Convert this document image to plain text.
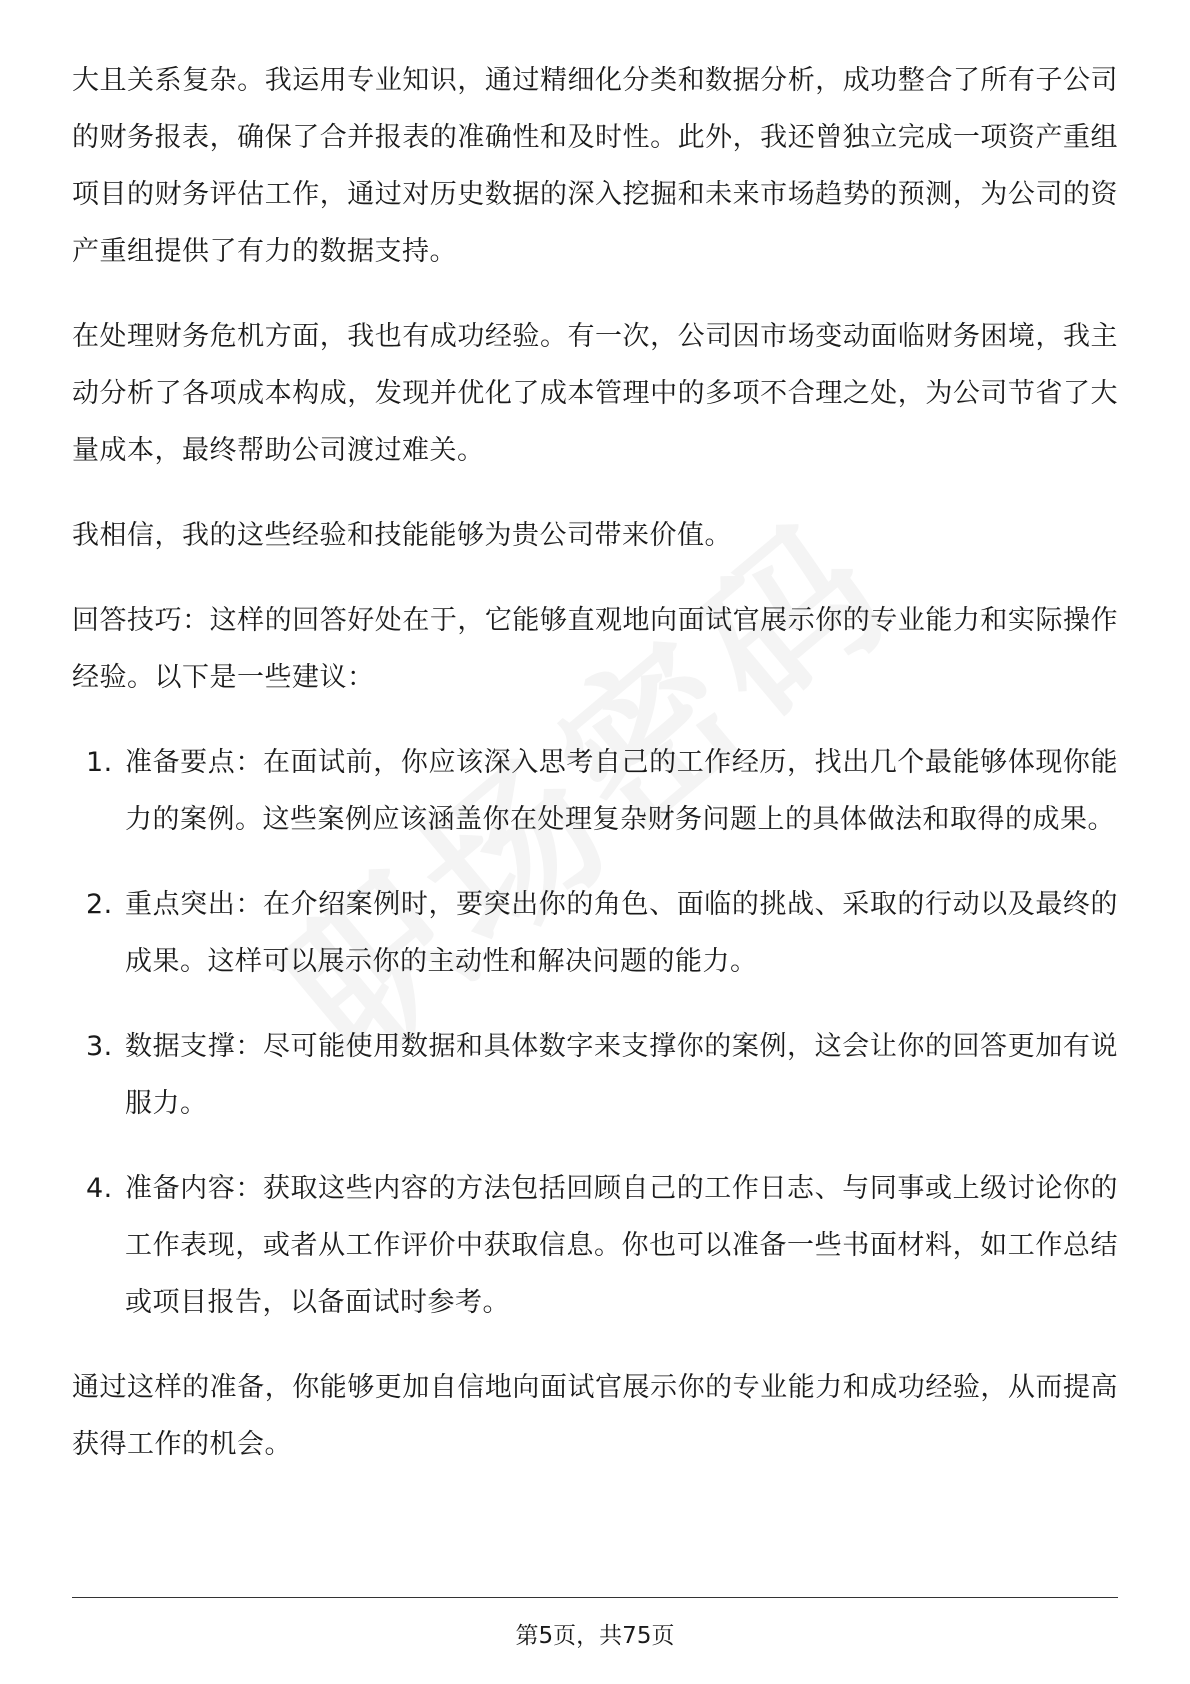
大且关系复杂。我运用专业知识，通过精细化分类和数据分析，成功整合了所有子公司的财务报表，确保了合并报表的准确性和及时性。此外，我还曾独立完成一项资产重组项目的财务评估工作，通过对历史数据的深入挖掘和未来市场趋势的预测，为公司的资产重组提供了有力的数据支持。

在处理财务危机方面，我也有成功经验。有一次，公司因市场变动面临财务困境，我主动分析了各项成本构成，发现并优化了成本管理中的多项不合理之处，为公司节省了大量成本，最终帮助公司渡过难关。

我相信，我的这些经验和技能能够为贵公司带来价值。

回答技巧：这样的回答好处在于，它能够直观地向面试官展示你的专业能力和实际操作经验。以下是一些建议：

1. 准备要点：在面试前，你应该深入思考自己的工作经历，找出几个最能够体现你能力的案例。这些案例应该涵盖你在处理复杂财务问题上的具体做法和取得的成果。
2. 重点突出：在介绍案例时，要突出你的角色、面临的挑战、采取的行动以及最终的成果。这样可以展示你的主动性和解决问题的能力。
3. 数据支撑：尽可能使用数据和具体数字来支撑你的案例，这会让你的回答更加有说服力。
4. 准备内容：获取这些内容的方法包括回顾自己的工作日志、与同事或上级讨论你的工作表现，或者从工作评价中获取信息。你也可以准备一些书面材料，如工作总结或项目报告，以备面试时参考。

通过这样的准备，你能够更加自信地向面试官展示你的专业能力和成功经验，从而提高获得工作的机会。

第5页，共75页
